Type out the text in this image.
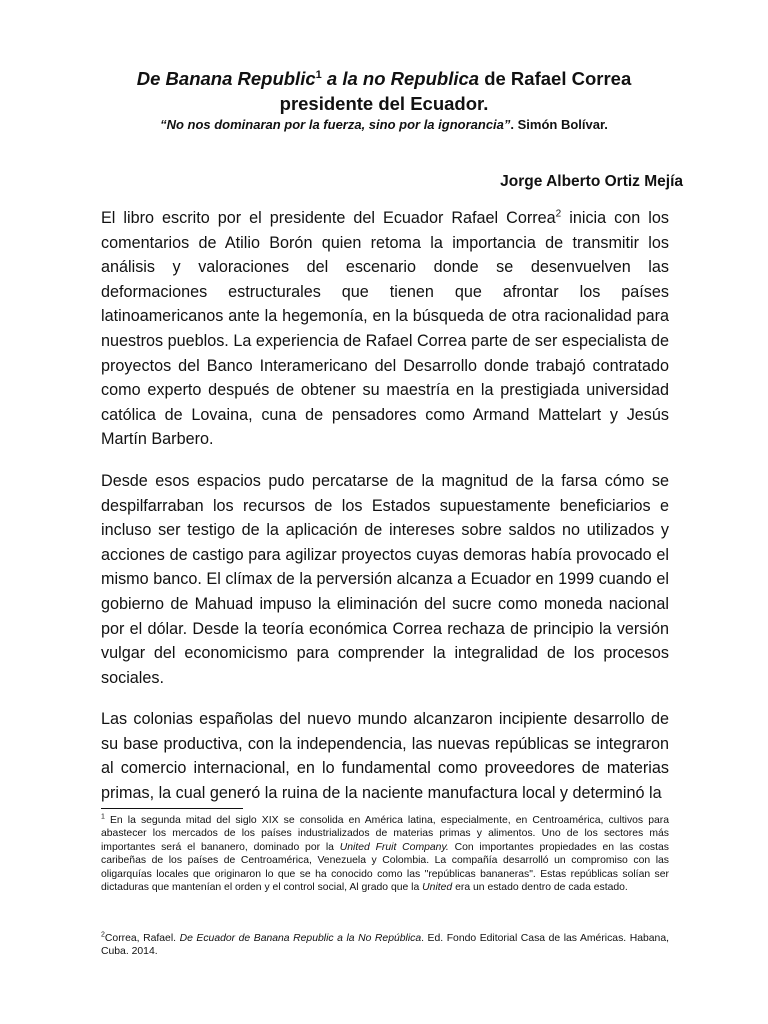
De Banana Republic$^1$ a la no Republica de Rafael Correa presidente del Ecuador.
“No nos dominaran por la fuerza, sino por la ignorancia”. Simón Bolívar.
Jorge Alberto Ortiz Mejía

El libro escrito por el presidente del Ecuador Rafael Correa$^2$ inicia con los comentarios de Atilio Borón quien retoma la importancia de transmitir los análisis y valoraciones del escenario donde se desenvuelven las deformaciones estructurales que tienen que afrontar los países latinoamericanos ante la hegemonía, en la búsqueda de otra racionalidad para nuestros pueblos. La experiencia de Rafael Correa parte de ser especialista de proyectos del Banco Interamericano del Desarrollo donde trabajó contratado como experto después de obtener su maestría en la prestigiada universidad católica de Lovaina, cuna de pensadores como Armand Mattelart y Jesús Martín Barbero.

Desde esos espacios pudo percatarse de la magnitud de la farsa cómo se despilfarraban los recursos de los Estados supuestamente beneficiarios e incluso ser testigo de la aplicación de intereses sobre saldos no utilizados y acciones de castigo para agilizar proyectos cuyas demoras había provocado el mismo banco. El clímax de la perversión alcanza a Ecuador en 1999 cuando el gobierno de Mahuad impuso la eliminación del sucre como moneda nacional por el dólar. Desde la teoría económica Correa rechaza de principio la versión vulgar del economicismo para comprender la integralidad de los procesos sociales.

Las colonias españolas del nuevo mundo alcanzaron incipiente desarrollo de su base productiva, con la independencia, las nuevas repúblicas se integraron al comercio internacional, en lo fundamental como proveedores de materias primas, la cual generó la ruina de la naciente manufactura local y determinó la

$^1$ En la segunda mitad del siglo XIX se consolida en América latina, especialmente, en Centroamérica, cultivos para abastecer los mercados de los países industrializados de materias primas y alimentos. Uno de los sectores más importantes será el bananero, dominado por la United Fruit Company. Con importantes propiedades en las costas caribeñas de los países de Centroamérica, Venezuela y Colombia. La compañía desarrolló un compromiso con las oligarquías locales que originaron lo que se ha conocido como las "repúblicas bananeras". Estas repúblicas solían ser dictaduras que mantenían el orden y el control social, Al grado que la United era un estado dentro de cada estado.
$^2$Correa, Rafael. De Ecuador de Banana Republic a la No República. Ed. Fondo Editorial Casa de las Américas. Habana, Cuba. 2014.
